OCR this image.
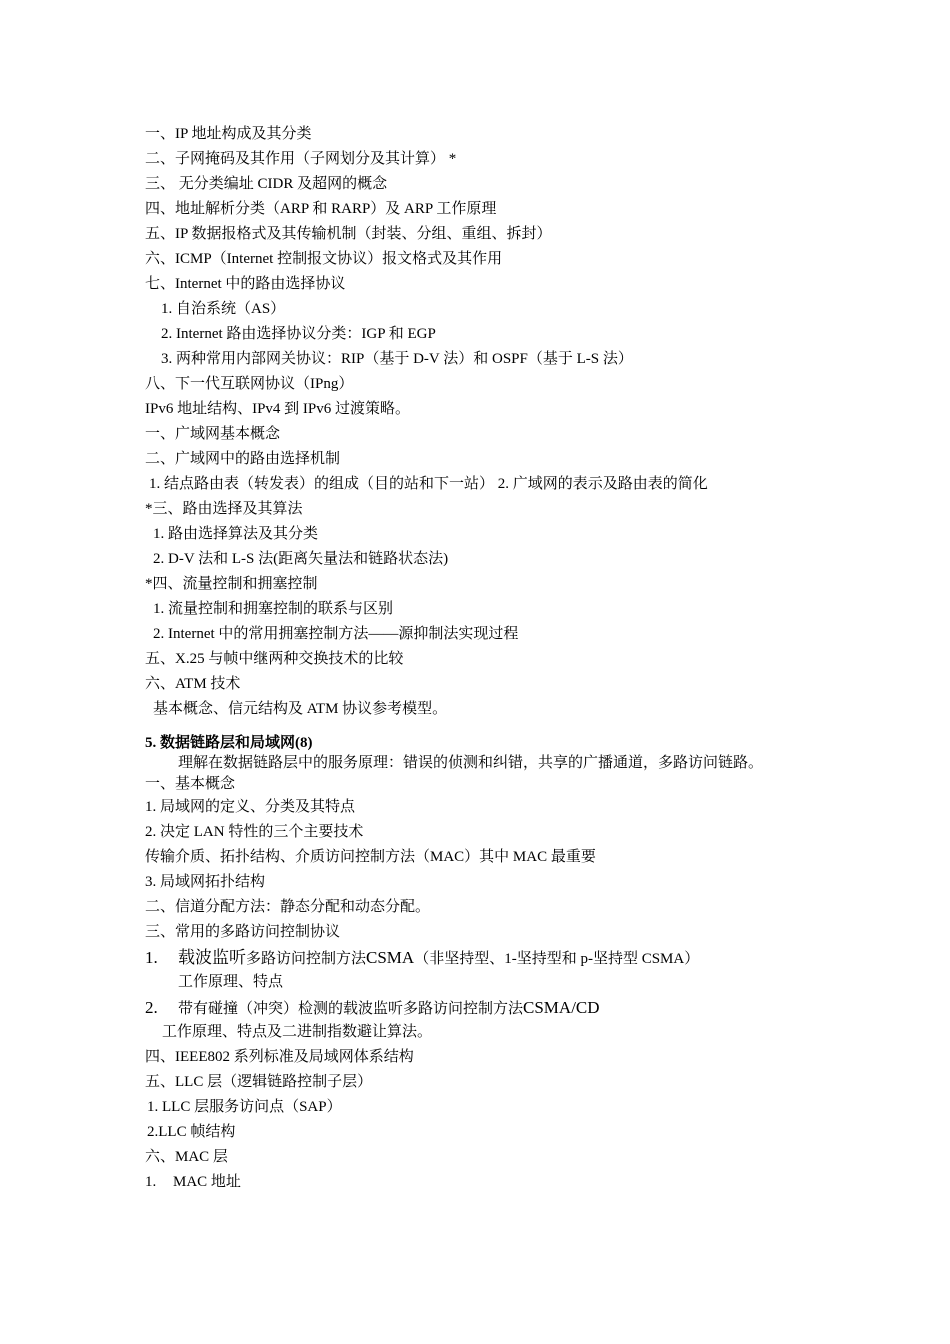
一、IP 地址构成及其分类
二、子网掩码及其作用（子网划分及其计算） *
三、 无分类编址 CIDR 及超网的概念
四、地址解析分类（ARP 和 RARP）及 ARP 工作原理
五、IP 数据报格式及其传输机制（封装、分组、重组、拆封）
六、ICMP（Internet 控制报文协议）报文格式及其作用
七、Internet 中的路由选择协议
1. 自治系统（AS）
2. Internet 路由选择协议分类：IGP 和 EGP
3. 两种常用内部网关协议：RIP（基于 D-V 法）和 OSPF（基于 L-S 法）
八、下一代互联网协议（IPng）
IPv6 地址结构、IPv4 到 IPv6 过渡策略。
一、广域网基本概念
二、广域网中的路由选择机制
1. 结点路由表（转发表）的组成（目的站和下一站） 2. 广域网的表示及路由表的简化
*三、路由选择及其算法
1. 路由选择算法及其分类
2. D-V 法和 L-S 法(距离矢量法和链路状态法)
*四、流量控制和拥塞控制
1. 流量控制和拥塞控制的联系与区别
2. Internet 中的常用拥塞控制方法——源抑制法实现过程
五、X.25 与帧中继两种交换技术的比较
六、ATM 技术
基本概念、信元结构及 ATM 协议参考模型。
5. 数据链路层和局域网(8)
理解在数据链路层中的服务原理：错误的侦测和纠错，共享的广播通道，多路访问链路。
一、基本概念
1. 局域网的定义、分类及其特点
2. 决定 LAN 特性的三个主要技术
传输介质、拓扑结构、介质访问控制方法（MAC）其中 MAC 最重要
3. 局域网拓扑结构
二、信道分配方法：静态分配和动态分配。
三、常用的多路访问控制协议
1. 载波监听多路访问控制方法CSMA（非坚持型、1-坚持型和 p-坚持型 CSMA）
工作原理、特点
2. 带有碰撞（冲突）检测的载波监听多路访问控制方法CSMA/CD
工作原理、特点及二进制指数避让算法。
四、IEEE802 系列标准及局域网体系结构
五、LLC 层（逻辑链路控制子层）
1. LLC 层服务访问点（SAP）
2.LLC 帧结构
六、MAC 层
1. MAC 地址
